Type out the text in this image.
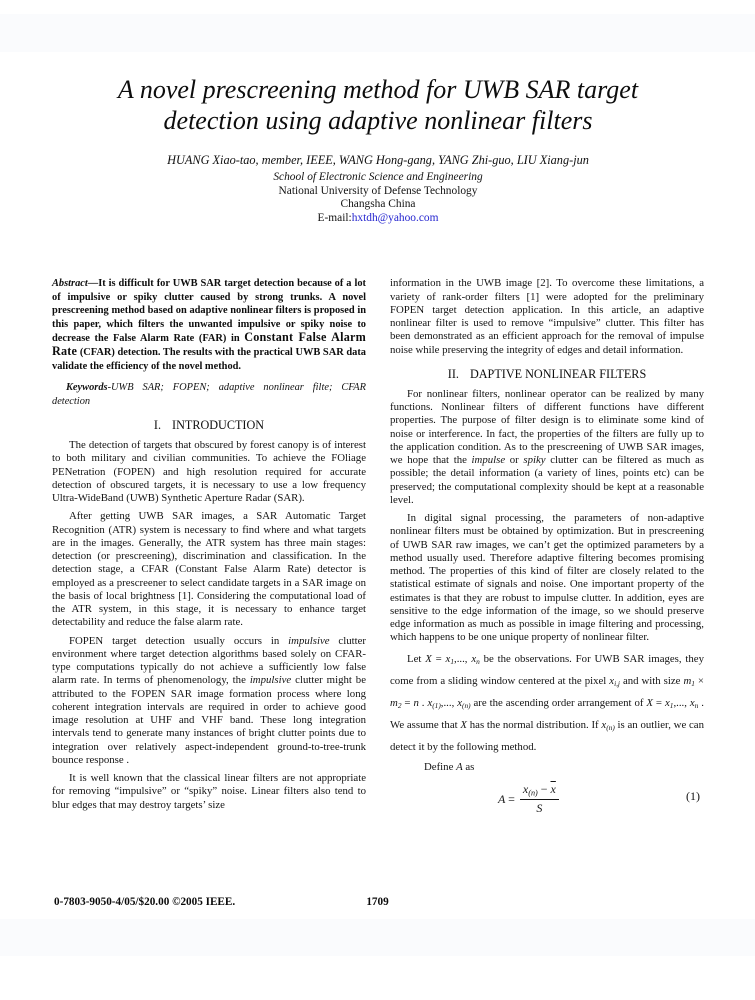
A novel prescreening method for UWB SAR target
detection using adaptive nonlinear filters
HUANG Xiao-tao, member, IEEE, WANG Hong-gang, YANG Zhi-guo, LIU Xiang-jun
School of Electronic Science and Engineering
National University of Defense Technology
Changsha China
E-mail:hxtdh@yahoo.com

Abstract—It is difficult for UWB SAR target detection because of a lot of impulsive or spiky clutter caused by strong trunks. A novel prescreening method based on adaptive nonlinear filters is proposed in this paper, which filters the unwanted impulsive or spiky noise to decrease the False Alarm Rate (FAR) in Constant False Alarm Rate (CFAR) detection. The results with the practical UWB SAR data validate the efficiency of the novel method.

Keywords-UWB SAR; FOPEN; adaptive nonlinear filte; CFAR detection

I. INTRODUCTION

The detection of targets that obscured by forest canopy is of interest to both military and civilian communities. To achieve the FOliage PENetration (FOPEN) and high resolution required for accurate detection of obscured targets, it is necessary to use a low frequency Ultra-WideBand (UWB) Synthetic Aperture Radar (SAR).

After getting UWB SAR images, a SAR Automatic Target Recognition (ATR) system is necessary to find where and what targets are in the images. Generally, the ATR system has three main stages: detection (or prescreening), discrimination and classification. In the detection stage, a CFAR (Constant False Alarm Rate) detector is employed as a prescreener to select candidate targets in a SAR image on the basis of local brightness [1]. Considering the computational load of the ATR system, in this stage, it is necessary to enhance target detectability and reduce the false alarm rate.

FOPEN target detection usually occurs in impulsive clutter environment where target detection algorithms based solely on CFAR-type computations typically do not achieve a sufficiently low false alarm rate. In terms of phenomenology, the impulsive clutter might be attributed to the FOPEN SAR image formation process where long coherent integration intervals are required in order to achieve good image resolution at UHF and VHF band. These long integration intervals tend to generate many instances of bright clutter points due to integration over relatively aspect-independent ground-to-tree-trunk bounce response .

It is well known that the classical linear filters are not appropriate for removing “impulsive” or “spiky” noise. Linear filters also tend to blur edges that may destroy targets’ size

information in the UWB image [2]. To overcome these limitations, a variety of rank-order filters [1] were adopted for the preliminary FOPEN target detection application. In this article, an adaptive nonlinear filter is used to remove “impulsive” clutter. This filter has been demonstrated as an efficient approach for the removal of impulse noise while preserving the integrity of edges and detail information.

II. DAPTIVE NONLINEAR FILTERS

For nonlinear filters, nonlinear operator can be realized by many functions. Nonlinear filters of different functions have different properties. The purpose of filter design is to eliminate some kind of noise or interference. In fact, the properties of the filters are fully up to the application condition. As to the prescreening of UWB SAR images, we hope that the impulse or spiky clutter can be filtered as much as possible; the detail information (a variety of lines, points etc) can be preserved; the computational complexity should be kept at a reasonable level.

In digital signal processing, the parameters of non-adaptive nonlinear filters must be obtained by optimization. But in prescreening of UWB SAR raw images, we can’t get the optimized parameters by a method usually used. Therefore adaptive filtering becomes promising method. The properties of this kind of filter are closely related to the statistical estimate of signals and noise. One important property of the estimates is that they are robust to impulse clutter. In addition, eyes are sensitive to the edge information of the image, so we should preserve edge information as much as possible in image filtering and processing, which happens to be one unique property of nonlinear filter.

Let $X = x_1$,..., $x_n$ be the observations. For UWB SAR images, they come from a sliding window centered at the pixel $x_{i,j}$ and with size $m_1 \times m_2 = n$ . $x_{(1)}$,..., $x_{(n)}$ are the ascending order arrangement of $X = x_1$,..., $x_n$ . We assume that X has the normal distribution. If $x_{(n)}$ is an outlier, we can detect it by the following method.

Define A as
$A = \frac{x_{(n)} - \overline{x}}{S}$	(1)
0-7803-9050-4/05/$20.00 ©2005 IEEE.	1709
